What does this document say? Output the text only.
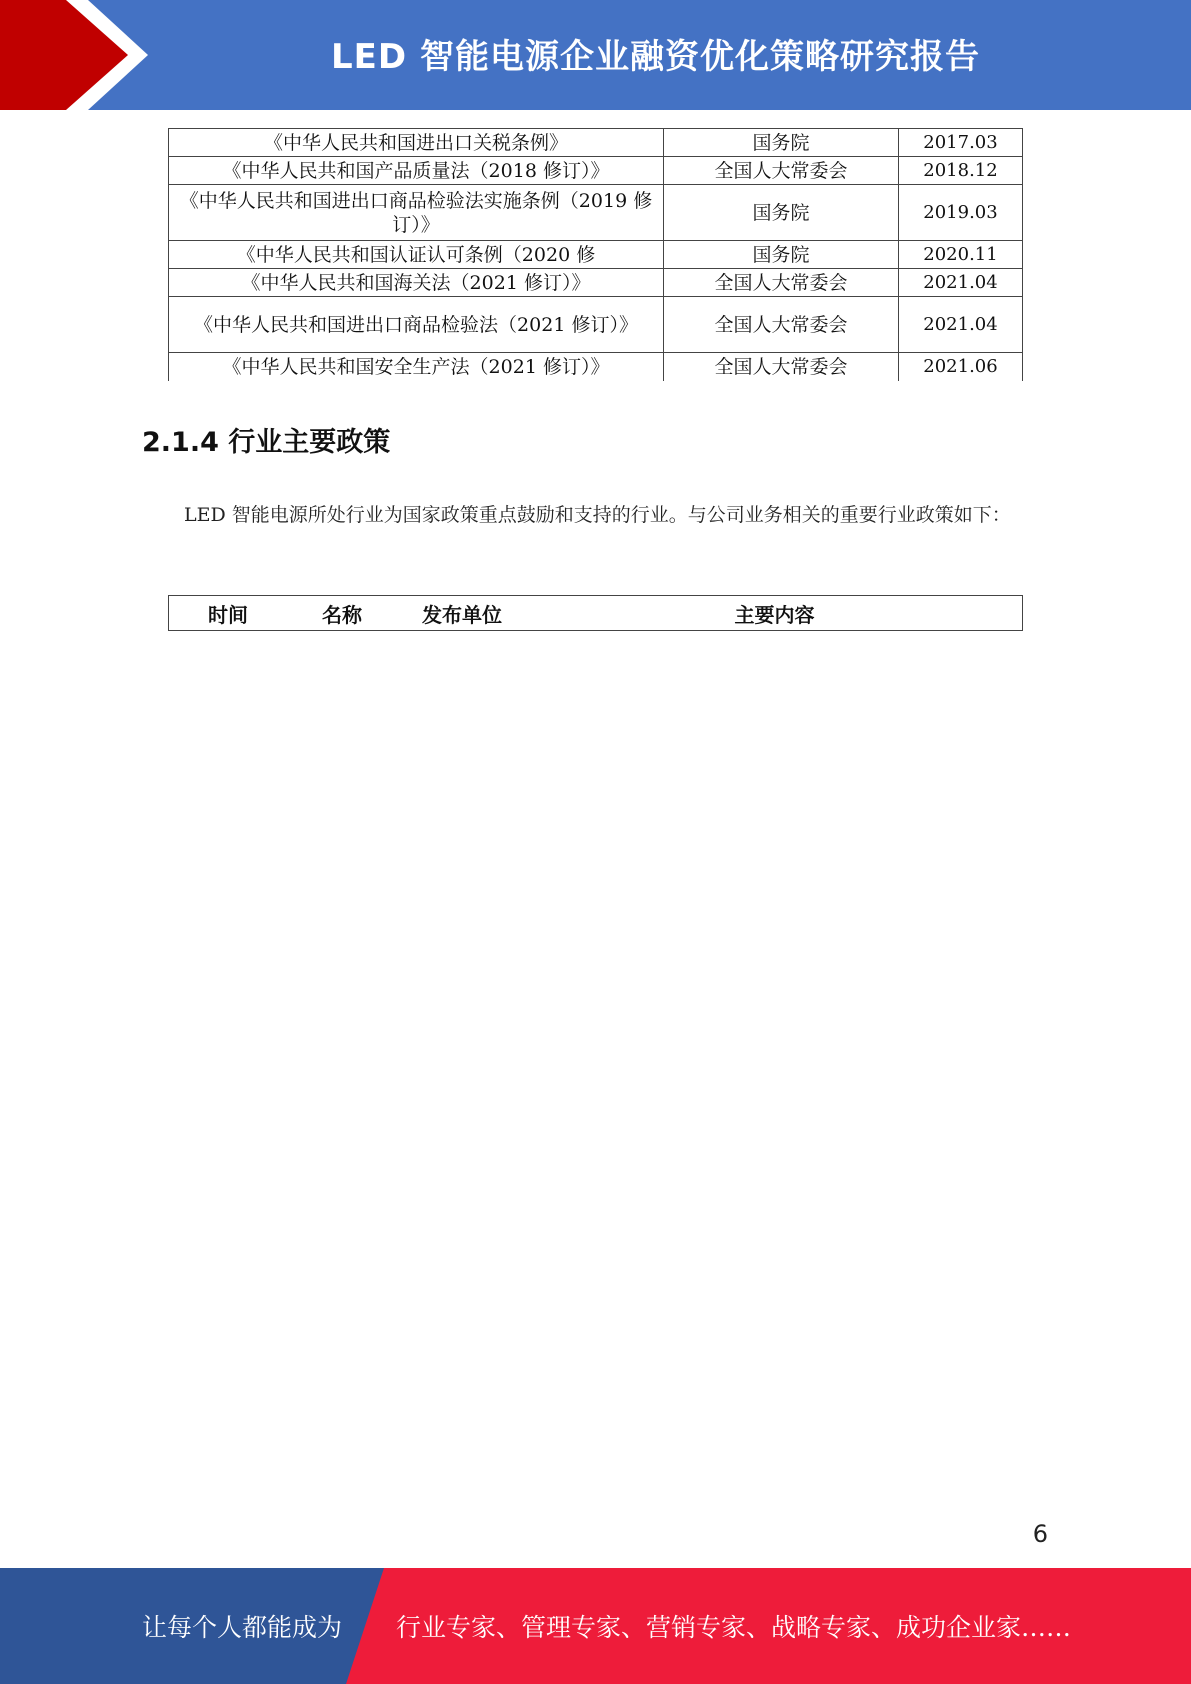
LED 智能电源企业融资优化策略研究报告
《中华人民共和国进出口关税条例》	国务院	2017.03
《中华人民共和国产品质量法（2018 修订）》	全国人大常委会	2018.12
《中华人民共和国进出口商品检验法实施条例（2019 修订）》	国务院	2019.03
《中华人民共和国认证认可条例（2020 修	国务院	2020.11
《中华人民共和国海关法（2021 修订）》	全国人大常委会	2021.04
《中华人民共和国进出口商品检验法（2021 修订）》	全国人大常委会	2021.04
《中华人民共和国安全生产法（2021 修订）》	全国人大常委会	2021.06
2.1.4 行业主要政策

LED 智能电源所处行业为国家政策重点鼓励和支持的行业。与公司业务相关的重要行业政策如下：

时间	名称	发布单位	主要内容
6
让每个人都能成为 行业专家、管理专家、营销专家、战略专家、成功企业家……
